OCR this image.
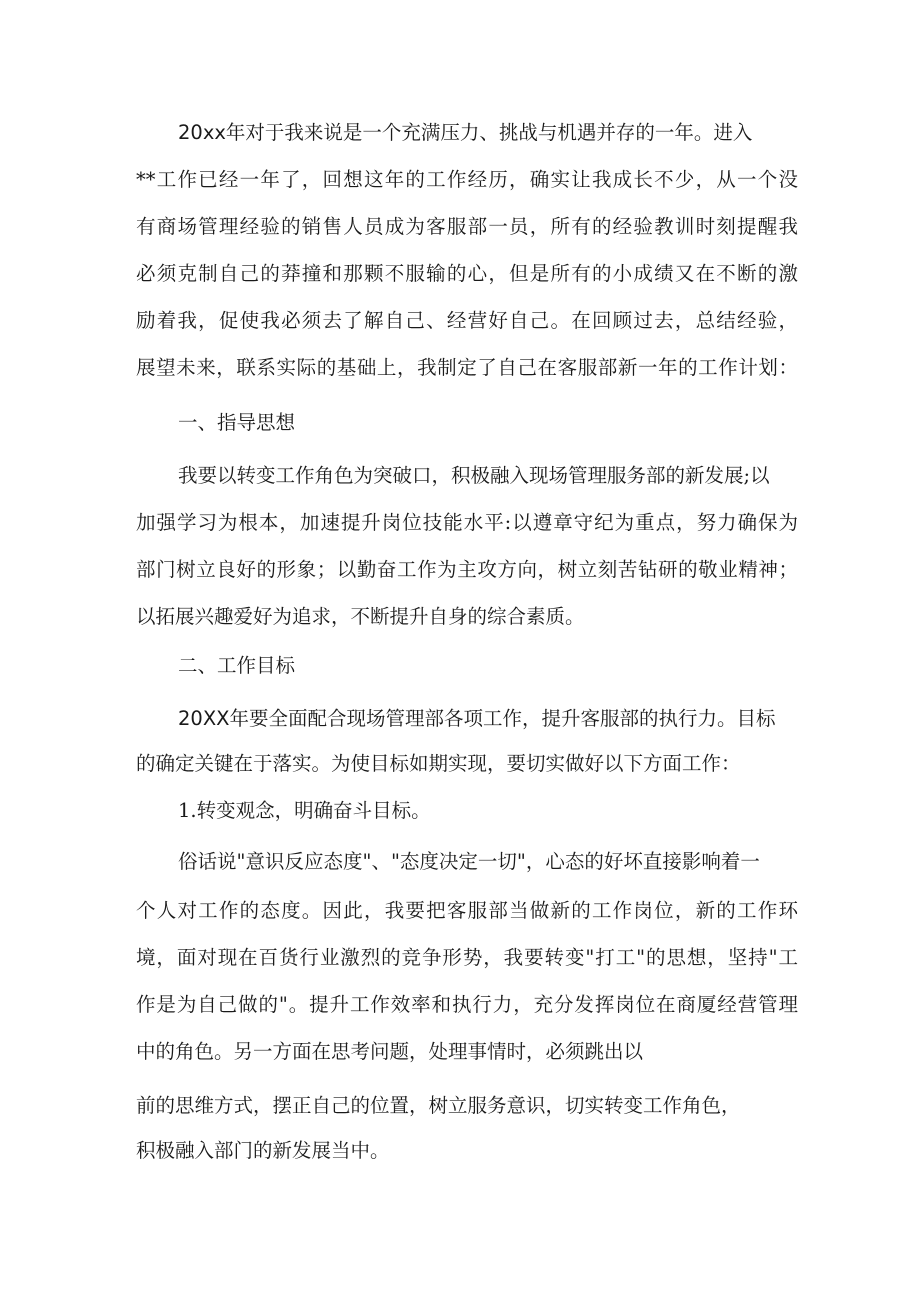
20xx年对于我来说是一个充满压力、挑战与机遇并存的一年。进入
**工作已经一年了，回想这年的工作经历，确实让我成长不少，从一个没
有商场管理经验的销售人员成为客服部一员，所有的经验教训时刻提醒我
必须克制自己的莽撞和那颗不服输的心，但是所有的小成绩又在不断的激
励着我，促使我必须去了解自己、经营好自己。在回顾过去，总结经验，
展望未来，联系实际的基础上，我制定了自己在客服部新一年的工作计划：
一、指导思想
我要以转变工作角色为突破口，积极融入现场管理服务部的新发展;以
加强学习为根本，加速提升岗位技能水平:以遵章守纪为重点，努力确保为
部门树立良好的形象；以勤奋工作为主攻方向，树立刻苦钻研的敬业精神；
以拓展兴趣爱好为追求，不断提升自身的综合素质。
二、工作目标
20XX年要全面配合现场管理部各项工作，提升客服部的执行力。目标
的确定关键在于落实。为使目标如期实现，要切实做好以下方面工作：
1.转变观念，明确奋斗目标。
俗话说"意识反应态度"、"态度决定一切"，心态的好坏直接影响着一
个人对工作的态度。因此，我要把客服部当做新的工作岗位，新的工作环
境，面对现在百货行业激烈的竞争形势，我要转变"打工"的思想，坚持"工
作是为自己做的"。提升工作效率和执行力，充分发挥岗位在商厦经营管理
中的角色。另一方面在思考问题，处理事情时，必须跳出以
前的思维方式，摆正自己的位置，树立服务意识，切实转变工作角色，
积极融入部门的新发展当中。
